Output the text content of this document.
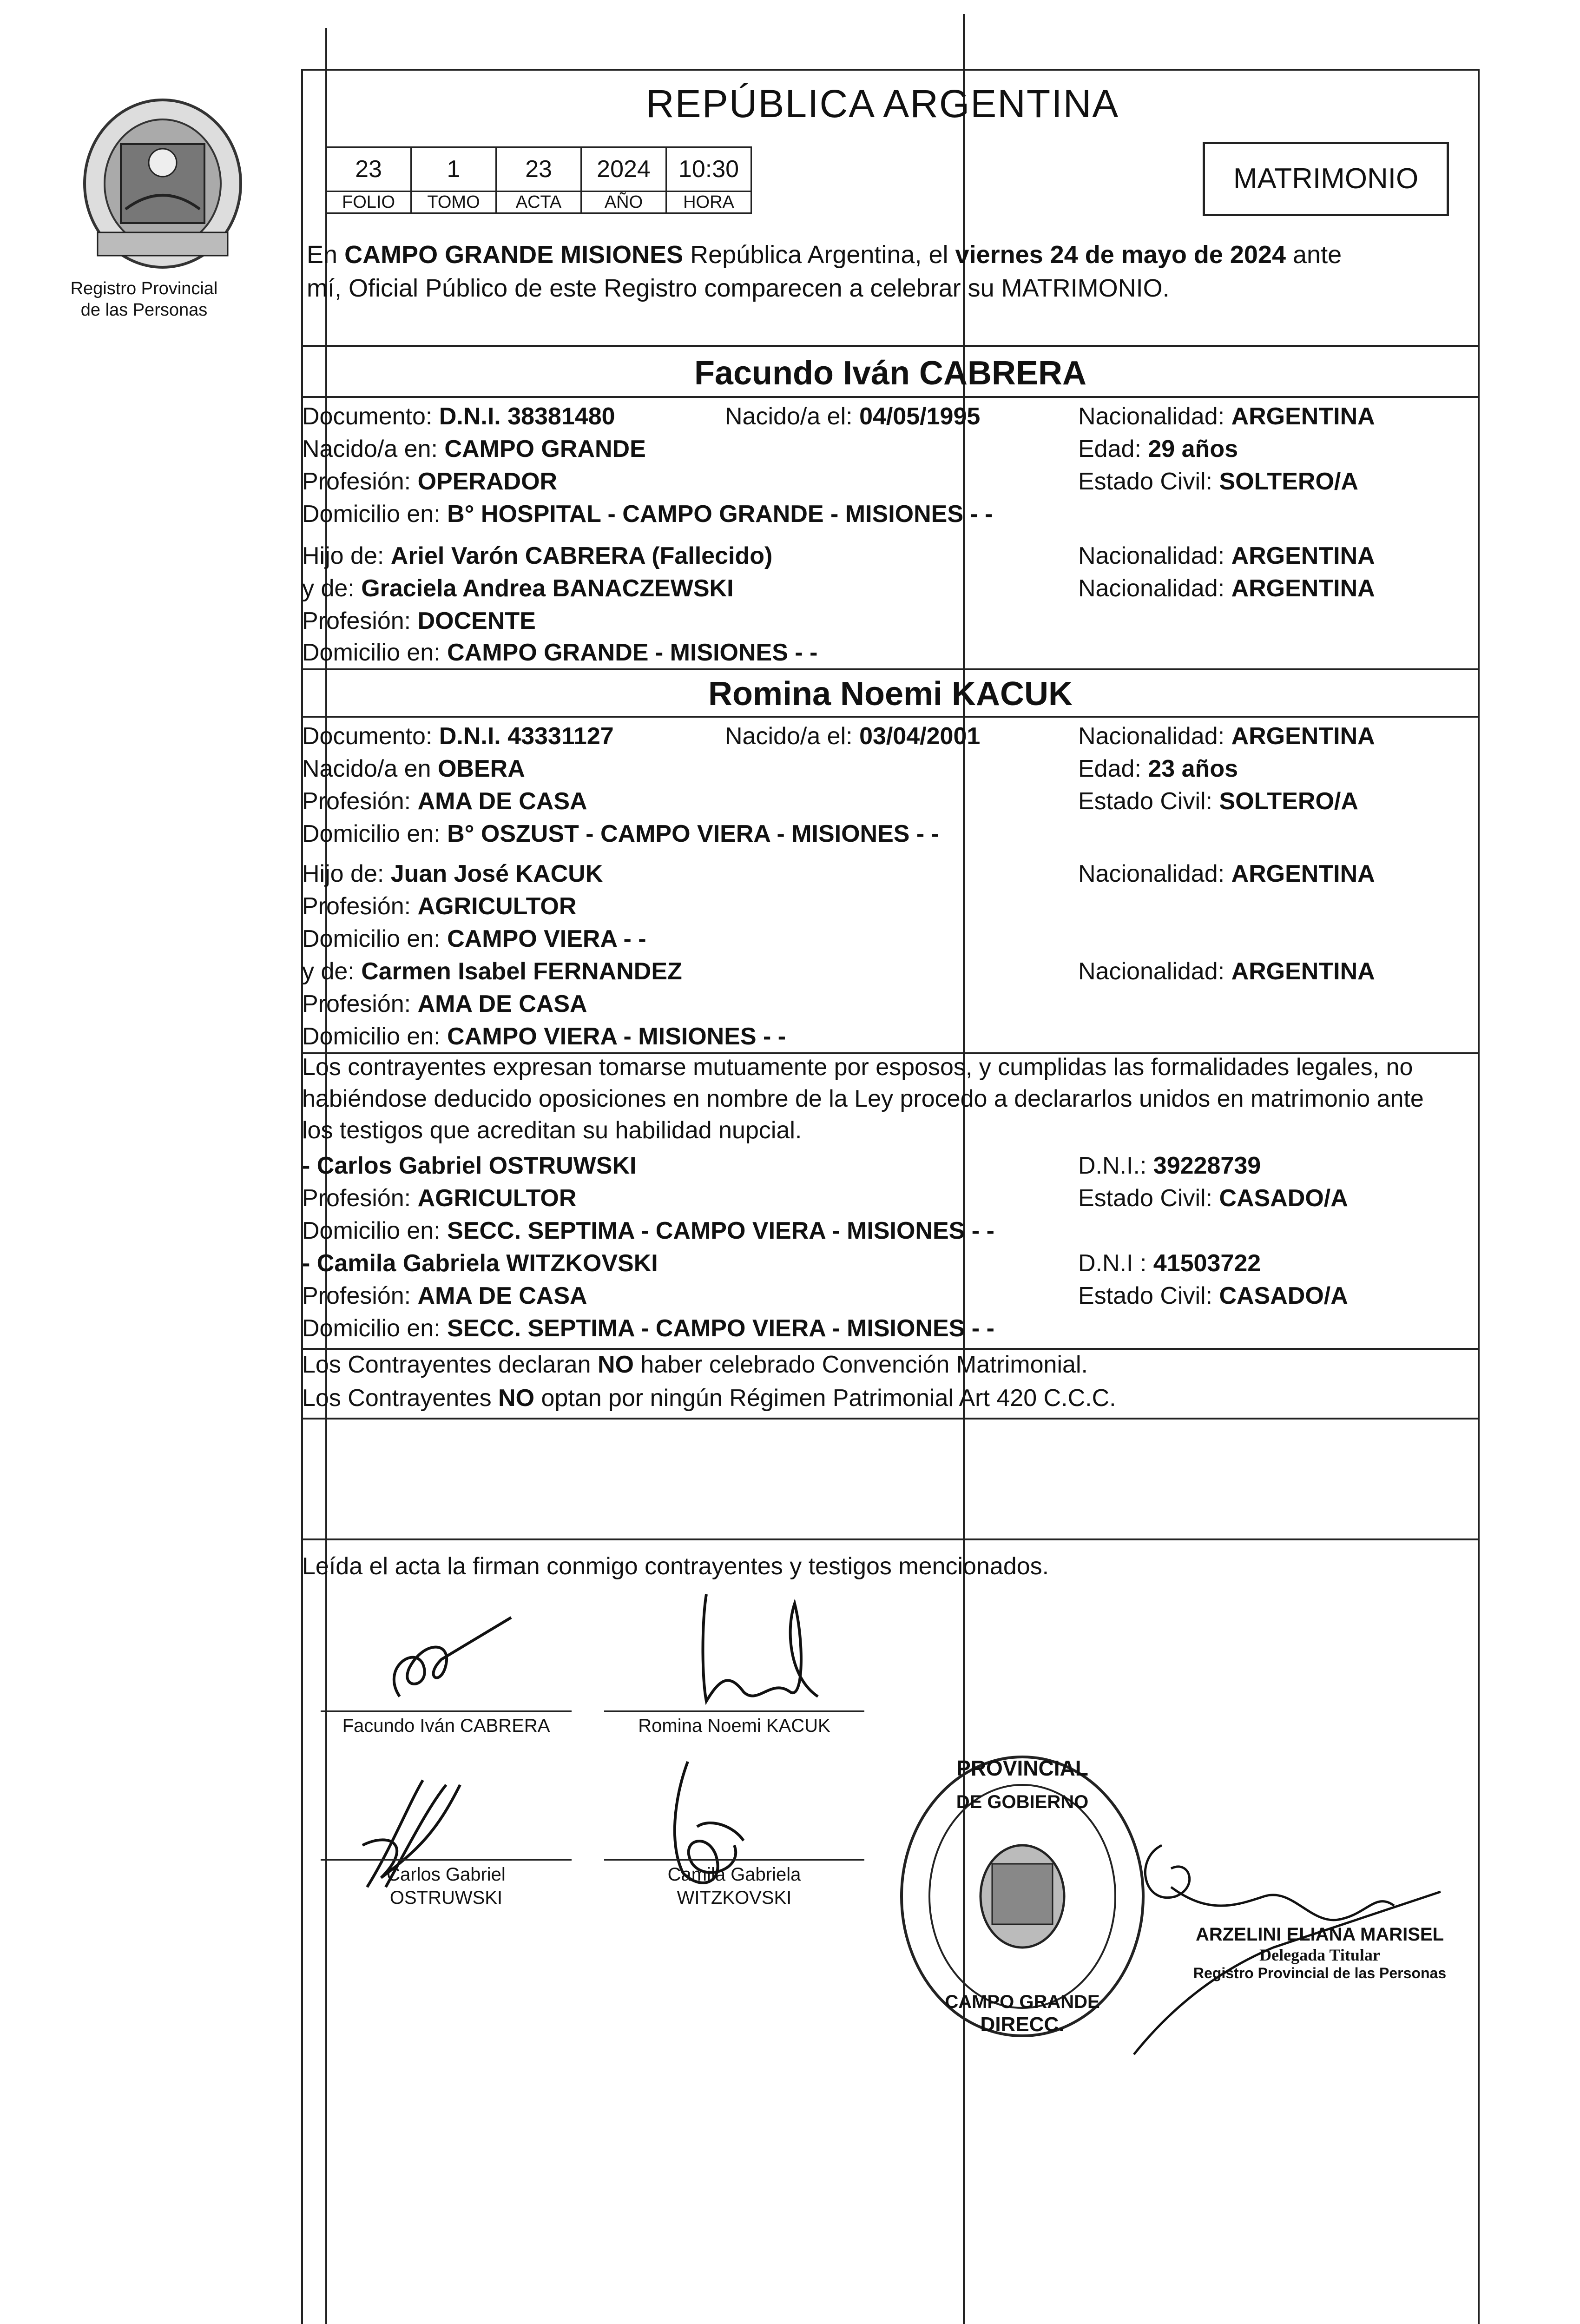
Registro Provincial
de las Personas
REPÚBLICA ARGENTINA
23	1	23	2024	10:30
FOLIO	TOMO	ACTA	AÑO	HORA
MATRIMONIO
En CAMPO GRANDE MISIONES República Argentina, el viernes 24 de mayo de 2024 ante
mí, Oficial Público de este Registro comparecen a celebrar su MATRIMONIO.
Facundo Iván CABRERA
Documento: D.N.I. 38381480	Nacido/a el: 04/05/1995	Nacionalidad: ARGENTINA
Nacido/a en: CAMPO GRANDE	Edad: 29 años
Profesión: OPERADOR	Estado Civil: SOLTERO/A
Domicilio en: B° HOSPITAL - CAMPO GRANDE - MISIONES - -
Hijo de: Ariel Varón CABRERA (Fallecido)	Nacionalidad: ARGENTINA
y de: Graciela Andrea BANACZEWSKI	Nacionalidad: ARGENTINA
Profesión: DOCENTE
Domicilio en: CAMPO GRANDE - MISIONES - -
Romina Noemi KACUK
Documento: D.N.I. 43331127	Nacido/a el: 03/04/2001	Nacionalidad: ARGENTINA
Nacido/a en OBERA	Edad: 23 años
Profesión: AMA DE CASA	Estado Civil: SOLTERO/A
Domicilio en: B° OSZUST - CAMPO VIERA - MISIONES - -
Hijo de: Juan José KACUK	Nacionalidad: ARGENTINA
Profesión: AGRICULTOR
Domicilio en: CAMPO VIERA - -
y de: Carmen Isabel FERNANDEZ	Nacionalidad: ARGENTINA
Profesión: AMA DE CASA
Domicilio en: CAMPO VIERA - MISIONES - -
Los contrayentes expresan tomarse mutuamente por esposos, y cumplidas las formalidades legales, no
habiéndose deducido oposiciones en nombre de la Ley procedo a declararlos unidos en matrimonio ante
los testigos que acreditan su habilidad nupcial.
- Carlos Gabriel OSTRUWSKI	D.N.I.: 39228739
Profesión: AGRICULTOR	Estado Civil: CASADO/A
Domicilio en: SECC. SEPTIMA - CAMPO VIERA - MISIONES - -
- Camila Gabriela WITZKOVSKI	D.N.I : 41503722
Profesión: AMA DE CASA	Estado Civil: CASADO/A
Domicilio en: SECC. SEPTIMA - CAMPO VIERA - MISIONES - -
Los Contrayentes declaran NO haber celebrado Convención Matrimonial.
Los Contrayentes NO optan por ningún Régimen Patrimonial Art 420 C.C.C.
Leída el acta la firman conmigo contrayentes y testigos mencionados.
Facundo Iván CABRERA	Romina Noemi KACUK
Carlos Gabriel
OSTRUWSKI
Camila Gabriela
WITZKOVSKI
PROVINCIAL
DE GOBIERNO
CAMPO GRANDE
DIRECC.
ARZELINI ELIANA MARISEL
Delegada Titular
Registro Provincial de las Personas
